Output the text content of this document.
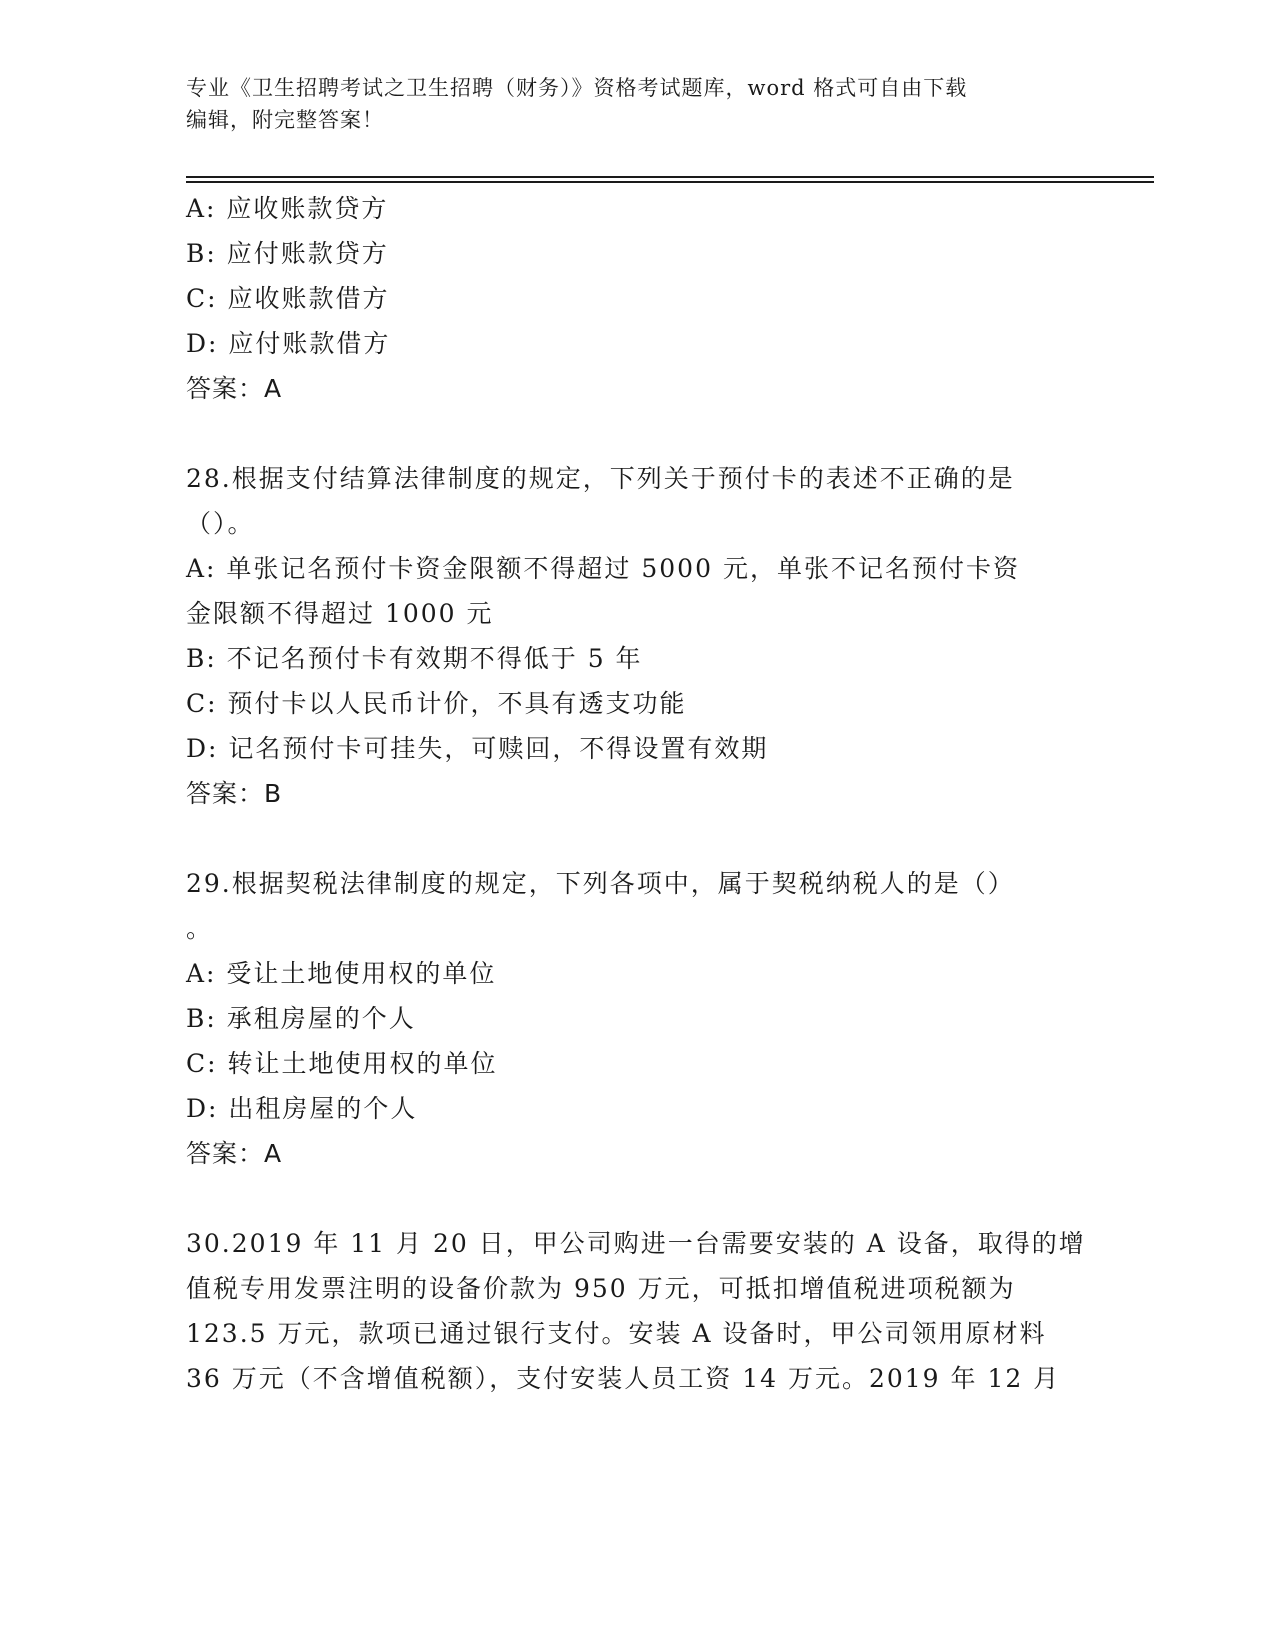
专业《卫生招聘考试之卫生招聘（财务）》资格考试题库，word 格式可自由下载
编辑，附完整答案！
A: 应收账款贷方
B: 应付账款贷方
C: 应收账款借方
D: 应付账款借方
答案：A
28.根据支付结算法律制度的规定，下列关于预付卡的表述不正确的是
（）。
A: 单张记名预付卡资金限额不得超过 5000 元，单张不记名预付卡资
金限额不得超过 1000 元
B: 不记名预付卡有效期不得低于 5 年
C: 预付卡以人民币计价，不具有透支功能
D: 记名预付卡可挂失，可赎回，不得设置有效期
答案：B
29.根据契税法律制度的规定，下列各项中，属于契税纳税人的是（）
。
A: 受让土地使用权的单位
B: 承租房屋的个人
C: 转让土地使用权的单位
D: 出租房屋的个人
答案：A
30.2019 年 11 月 20 日，甲公司购进一台需要安装的 A 设备，取得的增
值税专用发票注明的设备价款为 950 万元，可抵扣增值税进项税额为
123.5 万元，款项已通过银行支付。安装 A 设备时，甲公司领用原材料
36 万元（不含增值税额），支付安装人员工资 14 万元。2019 年 12 月
